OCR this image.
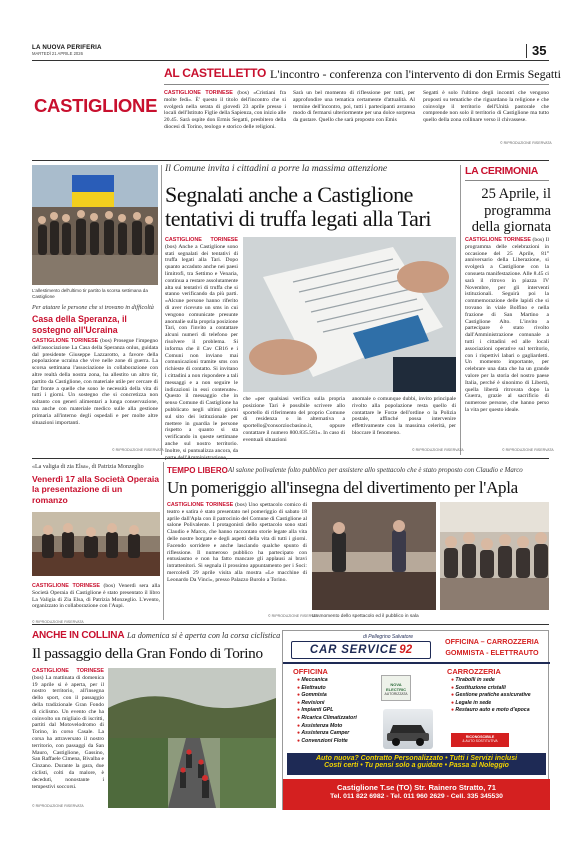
LA NUOVA PERIFERIA
MARTEDÌ 21 APRILE 2026	35
CASTIGLIONE
AL CASTELLETTO L'incontro - conferenza con l'intervento di don Ermis Segatti
CASTIGLIONE TORINESE (bos) «Cristiani fra molte fedi». È' questo il titolo dell'incontro che si svolgerà nella serata di giovedì 23 aprile presso i locali dell'Istituto Figlie della Sapienza, con inizio alle 20.45. Sarà ospite don Ermis Segatti, presbitero della diocesi di Torino, teologo e storico delle religioni.
Sarà un bel momento di riflessione per tutti, per approfondire una tematica certamente d'attualità. Al termine dell'incontro, poi, tutti i partecipanti avranno modo di fermarsi ulteriormente per una dolce sorpresa da gustare. Quello che sarà proposto con Emis
Segatti è solo l'ultimo degli incontri che vengono proposti su tematiche che riguardano la religione e che coinvolge il territorio dell'Unità pastorale che comprende non solo il territorio di Castiglione ma tutto quello della zona collinare verso il chivassese.
© RIPRODUZIONE RISERVATA
L'allestimento dell'ultimo tir partito la scorsa settimana da Castiglione
Per aiutare le persone che si trovano in difficoltà
Casa della Speranza, il sostegno all'Ucraina
CASTIGLIONE TORINESE (bos) Prosegue l'impegno dell'associazione La Casa della Speranza onlus, guidata dal presidente Giuseppe Lazzarotto, a favore della popolazione ucraina che vive nelle zone di guerra. La scorsa settimana l'associazione in collaborazione con altre realtà della nostra zona, ha allestito un altro tir, partito da Castiglione, con materiale utile per cercare di far fronte a quelle che sono le necessità della vita di tutti i giorni. Un sostegno che si concretizza non soltanto con generi alimentari a lunga conservazione, ma anche con materiale medico sulle alla gestione primaria all'interno degli ospedali e per molte altre situazioni importanti.
© RIPRODUZIONE RISERVATA
Il Comune invita i cittadini a porre la massima attenzione
Segnalati anche a Castiglione tentativi di truffa legati alla Tari
CASTIGLIONE TORINESE (bos) Anche a Castiglione sono stati segnalati dei tentativi di truffa legati alla Tari. Dopo quanto accaduto anche nei paesi limitrofi, tra Settimo e Venaria, continua a restare assolutamente alta sui tentativi di truffa che si stanno verificando da più parti. «Alcune persone hanno riferito di aver ricevuto un sms in cui vengono comunicate presunte anomalie sulla propria posizione Tari, con l'invito a contattare alcuni numeri di telefono per risolvere il problema. Si informa che il Cav CB16 e i Comuni non inviano mai comunicazioni tramite sms con richieste di contatto. Si invitano i cittadini a non rispondere a tali messaggi e a non seguire le indicazioni in essi contenute». Questo il messaggio che in senso Comune di Castiglione ha pubblicato negli ultimi giorni sul sito dei istituzionale per mettere in guardia le persone rispetto a quanto si sta verificando in queste settimane anche sul nostro territorio. Inoltre, si puntualizza ancora, da
che «per qualsiasi verifica sulla propria posizione Tari è possibile scrivere allo sportello di riferimento del proprio Comune di residenza o in alternativa a sportello@consorziocbasino.it, oppure contattare il numero 800.835.581». In caso di eventuali situazioni
anomale o comunque dubbi, invito principale rivolto alla popolazione resta quello di contattare le Forze dell'ordine o la Polizia postale, affinché possa intervenire effettivamente con la massima celerità, per bloccare il fenomeno.
© RIPRODUZIONE RISERVATA
LA CERIMONIA
25 Aprile, il programma della giornata
CASTIGLIONE TORINESE (bos) Il programma delle celebrazioni in occasione del 25 Aprile, 81° anniversario della Liberazione, si svolgerà a Castiglione con la consueta manifestazione. Alle 8.45 ci sarà il ritrovo in piazza IV Novembre, per gli interventi istituzionali. Seguirà poi la commemorazione delle lapidi che si trovano in viale Bolfino e nella frazione di San Martino a Castiglione Alto. L'invito a partecipare è stato rivolto dall'Amministrazione comunale a tutti i cittadini ed alle locali associazioni operative sul territorio, con i rispettivi labari o gagliardetti. Un momento importante, per celebrare una data che ha un grande valore per la storia del nostro paese Italia, perché è sinonimo di Libertà, quella libertà ritrovata dopo la Guerra, grazie al sacrificio di numerose persone, che hanno perso la vita per questo ideale.
© RIPRODUZIONE RISERVATA
«La valigia di zia Elsa», di Patrizia Monzeglio
Venerdì 17 alla Società Operaia la presentazione di un romanzo
CASTIGLIONE TORINESE (bos) Venerdì sera alla Società Operaia di Castiglione è stato presentato il libro La Valigia di Zia Elsa, di Patrizia Monzeglio. L'evento, organizzato in collaborazione con l'Aupi.
© RIPRODUZIONE RISERVATA
TEMPO LIBERO Al salone polivalente folto pubblico per assistere allo spettacolo che è stato proposto con Claudio e Marco
Un pomeriggio all'insegna del divertimento per l'Apla
CASTIGLIONE TORINESE (bos) Uno spettacolo comico di teatro e satira è stato presentato nel pomeriggio di sabato 18 aprile dall'Apla con il patrocinio del Comune di Castiglione al salone Polivalente. I protagonisti dello spettacolo sono stati Claudio e Marco, che hanno raccontato storie legate alla vita delle nostre borgate e degli aspetti della vita di tutti i giorni. Facendo sorridere e anche lasciando qualche spunto di riflessione. Il numeroso pubblico ha partecipato con entusiasmo e non ha fatto mancare gli applausi ai bravi intrattenitori. Si segnala il prossimo appuntamento per i Soci: mercoledì 29 aprile visita alla mostra «Le macchine di Leonardo Da Vinci», presso Palazzo Burolo a Torino.
© RIPRODUZIONE RISERVATA
Un momento dello spettacolo ed il pubblico in sala
ANCHE IN COLLINA La domenica si è aperta con la corsa ciclistica
Il passaggio della Gran Fondo di Torino
CASTIGLIONE TORINESE (bos) La mattinata di domenica 19 aprile si è aperta, per il nostro territorio, all'insegna dello sport, con il passaggio della tradizionale Gran Fondo di ciclismo. Un evento che ha coinvolto un migliaio di iscritti, partiti dal Motovelodromo di Torino, in corso Casale. La corsa ha attraversato il nostro territorio, con passaggi da San Mauro, Castiglione, Gassino, San Raffaele Cimena, Bivalba e Cinzano. Durante la gara, due ciclisti, colti da malore, è deceduti, nonostante i tempestivi soccorsi.
© RIPRODUZIONE RISERVATA
di Pellegrino Salvatore
CAR SERVICE 92
OFFICINA – CARROZZERIA
GOMMISTA - ELETTRAUTO
OFFICINA
● Meccanica
● Elettrauto
● Gommista
● Revisioni
● Impianti GPL
● Ricarica Climatizzatori
● Assistenza Moto
● Assistenza Camper
● Convenzioni Flotte
NOVA ELECTRIC
AUTORIZZATA
CARROZZERIA
● Tirabolli in sede
● Sostituzione cristalli
● Gestione pratiche assicurative
● Legale in sede
● Restauro auto e moto d'epoca
RICONOSCIBILE
& AUTO SOSTITUTIVA
Auto nuova? Contratto Personalizzato • Tutti i Servizi inclusi
Costi certi • Tu pensi solo a guidare • Passa al Noleggio
Castiglione T.se (TO) Str. Rainero Stratto, 71
Tel. 011 822 6982 - Tel. 011 960 2629 - Cell. 335 345530
